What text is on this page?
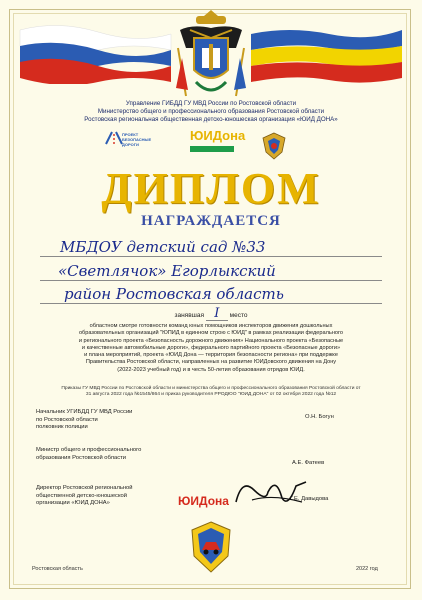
Управление ГИБДД ГУ МВД России по Ростовской области
Министерство общего и профессионального образования Ростовской области
Ростовская региональная общественная детско-юношеская организация «ЮИД ДОНА»
ПРОЕКТ
БЕЗОПАСНЫЕ
ДОРОГИ
ЮИДона
ДИПЛОМ
НАГРАЖДАЕТСЯ
МБДОУ детский сад №33
«Светлячок» Егорлыкский
район Ростовская область
занявшая I место
областном смотре готовности команд юных помощников инспекторов движения дошкольных
образовательных организаций "ЮПИД в единном строю с ЮИД" в рамках реализации федерального
и регионального проекта «Безопасность дорожного движения» Национального проекта «Безопасные
и качественные автомобильные дороги», федерального партийного проекта «Безопасные дороги»
и плана мероприятий, проекта «ЮИД Дона — территория безопасности региона» при поддержке
Правительства Ростовской области, направленных на развитие ЮИДовского движения на Дону
(2022-2023 учебный год) и в честь 50-летия образования отрядов ЮИД.
Приказы ГУ МВД России по Ростовской области и министерства общего и профессионального образования Ростовской области от
31 августа 2022 года №1545/864 и приказ руководителя РРОДЮО "ЮИД ДОНА" от 02 октября 2022 года №12
Начальник УГИБДД ГУ МВД России
по Ростовской области
полковник полиции
О.Н. Богун
Министр общего и профессионального
образования Ростовской области
А.Е. Фатеев
Директор Ростовской региональной
общественной детско-юношеской
организации «ЮИД ДОНА»
Г.Е. Давыдова
ЮИДона
Ростовская область	2022 год
